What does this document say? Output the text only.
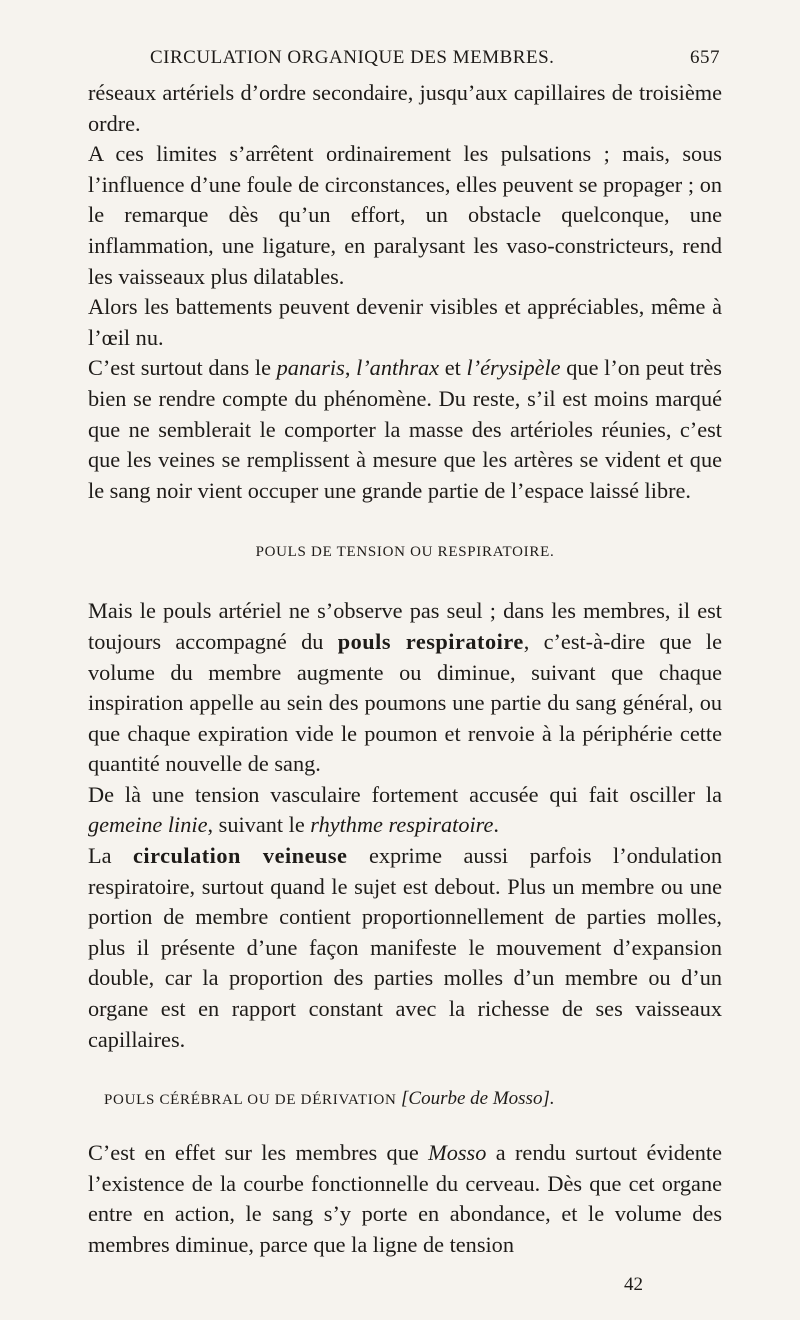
CIRCULATION ORGANIQUE DES MEMBRES.	657

réseaux artériels d’ordre secondaire, jusqu’aux capillaires de troisième ordre.

A ces limites s’arrêtent ordinairement les pulsations ; mais, sous l’influence d’une foule de circonstances, elles peuvent se propager ; on le remarque dès qu’un effort, un obstacle quelconque, une inflammation, une ligature, en paralysant les vaso-constricteurs, rend les vaisseaux plus dilatables.

Alors les battements peuvent devenir visibles et appréciables, même à l’œil nu.

C’est surtout dans le panaris, l’anthrax et l’érysipèle que l’on peut très bien se rendre compte du phénomène. Du reste, s’il est moins marqué que ne semblerait le comporter la masse des artérioles réunies, c’est que les veines se remplissent à mesure que les artères se vident et que le sang noir vient occuper une grande partie de l’espace laissé libre.

POULS DE TENSION OU RESPIRATOIRE.

Mais le pouls artériel ne s’observe pas seul ; dans les membres, il est toujours accompagné du pouls respiratoire, c’est-à-dire que le volume du membre augmente ou diminue, suivant que chaque inspiration appelle au sein des poumons une partie du sang général, ou que chaque expiration vide le poumon et renvoie à la périphérie cette quantité nouvelle de sang.

De là une tension vasculaire fortement accusée qui fait osciller la gemeine linie, suivant le rhythme respiratoire.

La circulation veineuse exprime aussi parfois l’ondulation respiratoire, surtout quand le sujet est debout. Plus un membre ou une portion de membre contient proportionnellement de parties molles, plus il présente d’une façon manifeste le mouvement d’expansion double, car la proportion des parties molles d’un membre ou d’un organe est en rapport constant avec la richesse de ses vaisseaux capillaires.

POULS CÉRÉBRAL OU DE DÉRIVATION [Courbe de Mosso].

C’est en effet sur les membres que Mosso a rendu surtout évidente l’existence de la courbe fonctionnelle du cerveau. Dès que cet organe entre en action, le sang s’y porte en abondance, et le volume des membres diminue, parce que la ligne de tension

42
